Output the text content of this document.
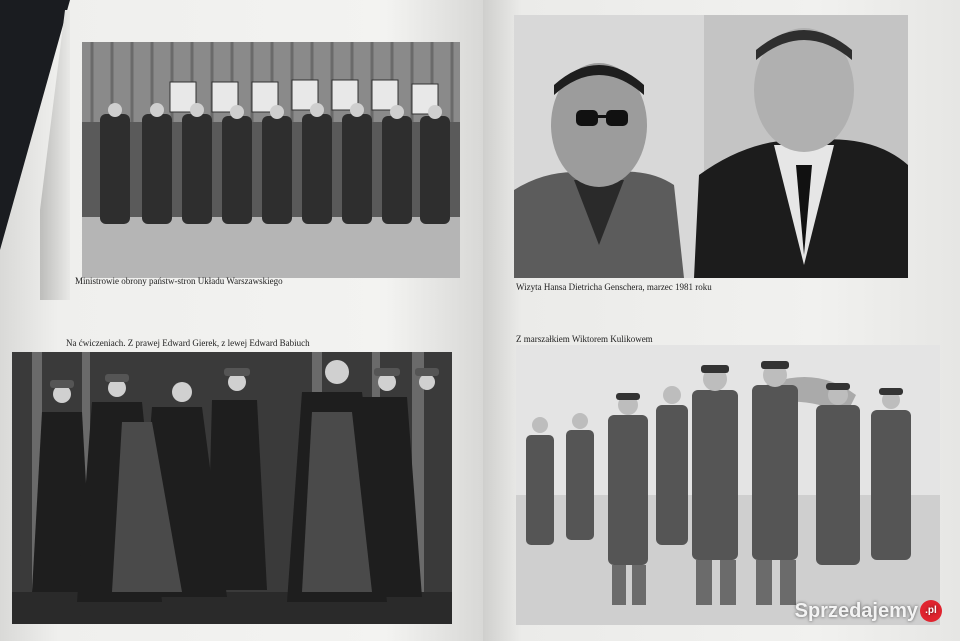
Ministrowie obrony państw-stron Układu Warszawskiego
Na ćwiczeniach. Z prawej Edward Gierek, z lewej Edward Babiuch
Wizyta Hansa Dietricha Genschera, marzec 1981 roku
Z marszałkiem Wiktorem Kulikowem
Sprzedajemy .pl
